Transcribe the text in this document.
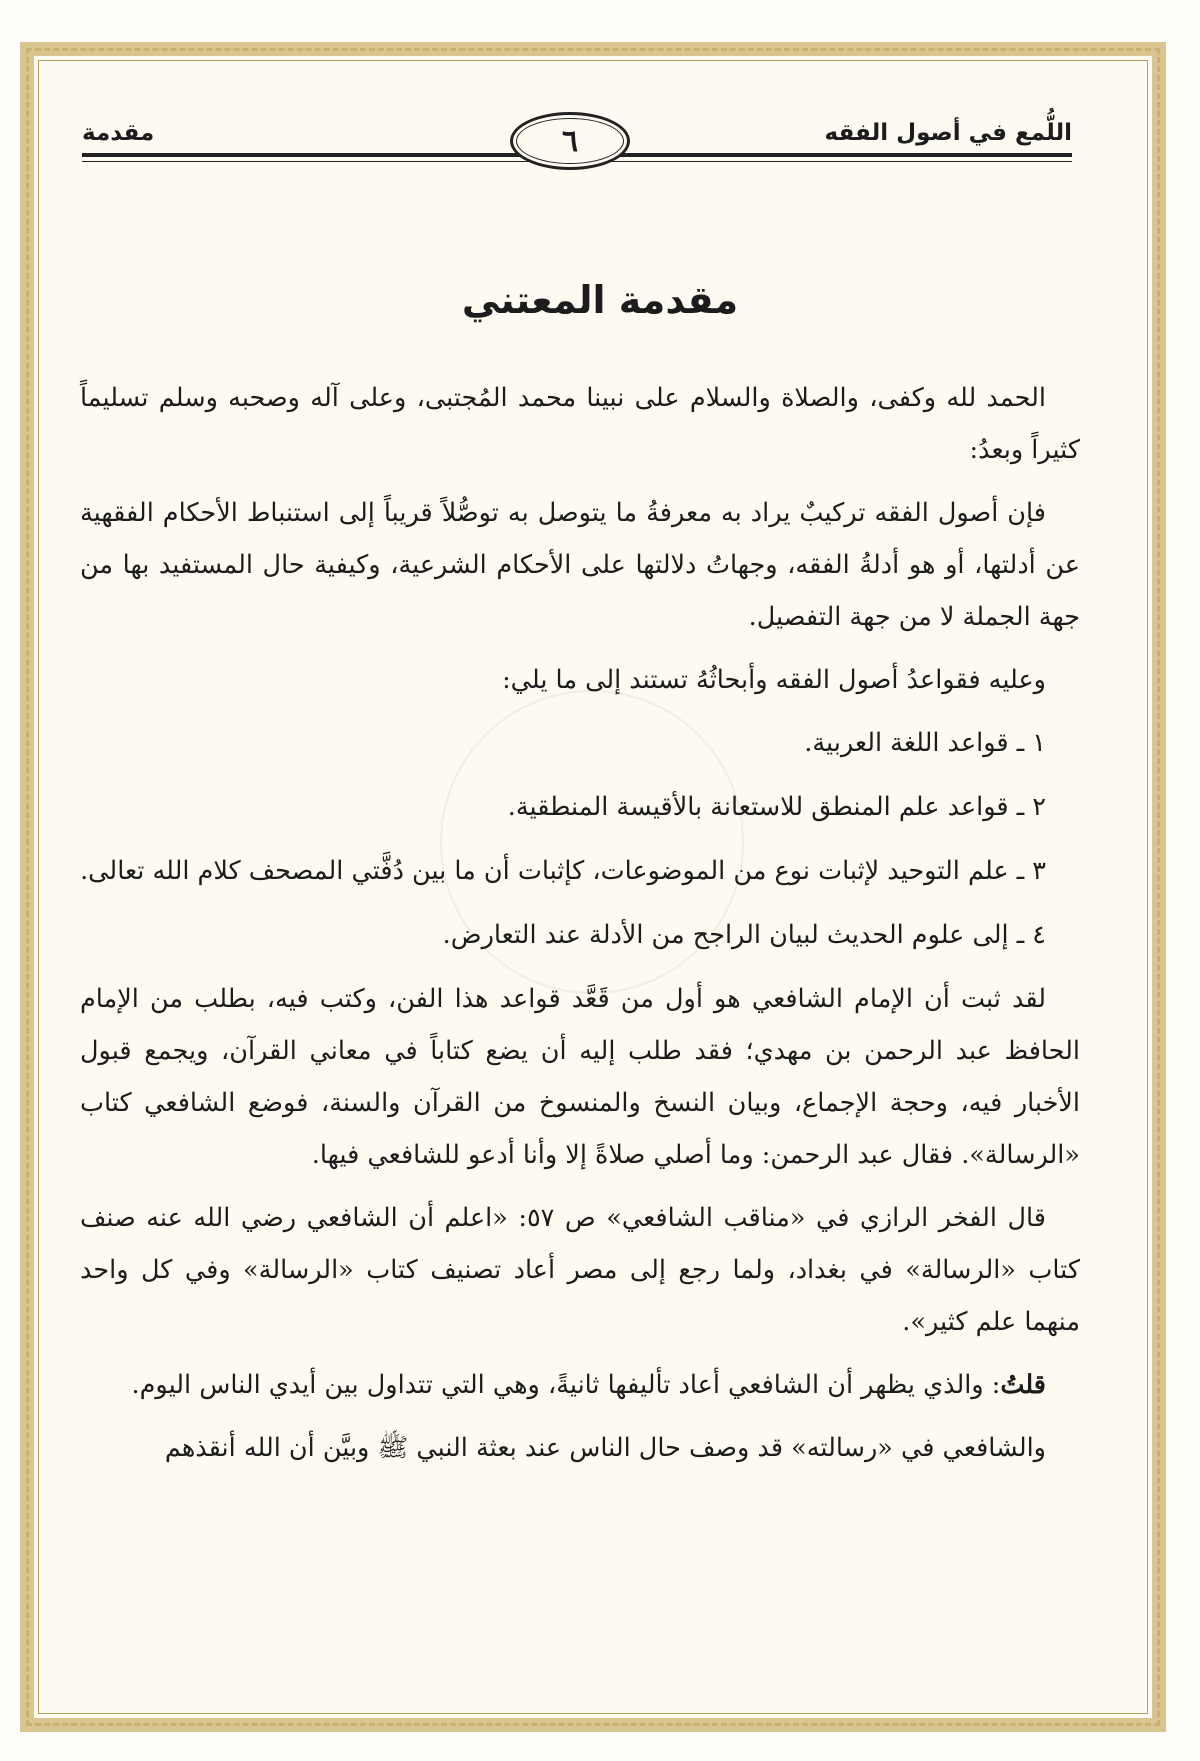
اللُّمع في أصول الفقه
مقدمة	٦
مقدمة المعتني

الحمد لله وكفى، والصلاة والسلام على نبينا محمد المُجتبى، وعلى آله وصحبه وسلم تسليماً كثيراً وبعدُ:

فإن أصول الفقه تركيبٌ يراد به معرفةُ ما يتوصل به توصُّلاً قريباً إلى استنباط الأحكام الفقهية عن أدلتها، أو هو أدلةُ الفقه، وجهاتُ دلالتها على الأحكام الشرعية، وكيفية حال المستفيد بها من جهة الجملة لا من جهة التفصيل.

وعليه فقواعدُ أصول الفقه وأبحاثُهُ تستند إلى ما يلي:

١ ـ قواعد اللغة العربية.

٢ ـ قواعد علم المنطق للاستعانة بالأقيسة المنطقية.

٣ ـ علم التوحيد لإثبات نوع من الموضوعات، كإثبات أن ما بين دُفَّتي المصحف كلام الله تعالى.

٤ ـ إلى علوم الحديث لبيان الراجح من الأدلة عند التعارض.

لقد ثبت أن الإمام الشافعي هو أول من قَعَّد قواعد هذا الفن، وكتب فيه، بطلب من الإمام الحافظ عبد الرحمن بن مهدي؛ فقد طلب إليه أن يضع كتاباً في معاني القرآن، ويجمع قبول الأخبار فيه، وحجة الإجماع، وبيان النسخ والمنسوخ من القرآن والسنة، فوضع الشافعي كتاب «الرسالة». فقال عبد الرحمن: وما أصلي صلاةً إلا وأنا أدعو للشافعي فيها.

قال الفخر الرازي في «مناقب الشافعي» ص ٥٧: «اعلم أن الشافعي رضي الله عنه صنف كتاب «الرسالة» في بغداد، ولما رجع إلى مصر أعاد تصنيف كتاب «الرسالة» وفي كل واحد منهما علم كثير».

قلتُ: والذي يظهر أن الشافعي أعاد تأليفها ثانيةً، وهي التي تتداول بين أيدي الناس اليوم.

والشافعي في «رسالته» قد وصف حال الناس عند بعثة النبي ﷺ وبيَّن أن الله أنقذهم
